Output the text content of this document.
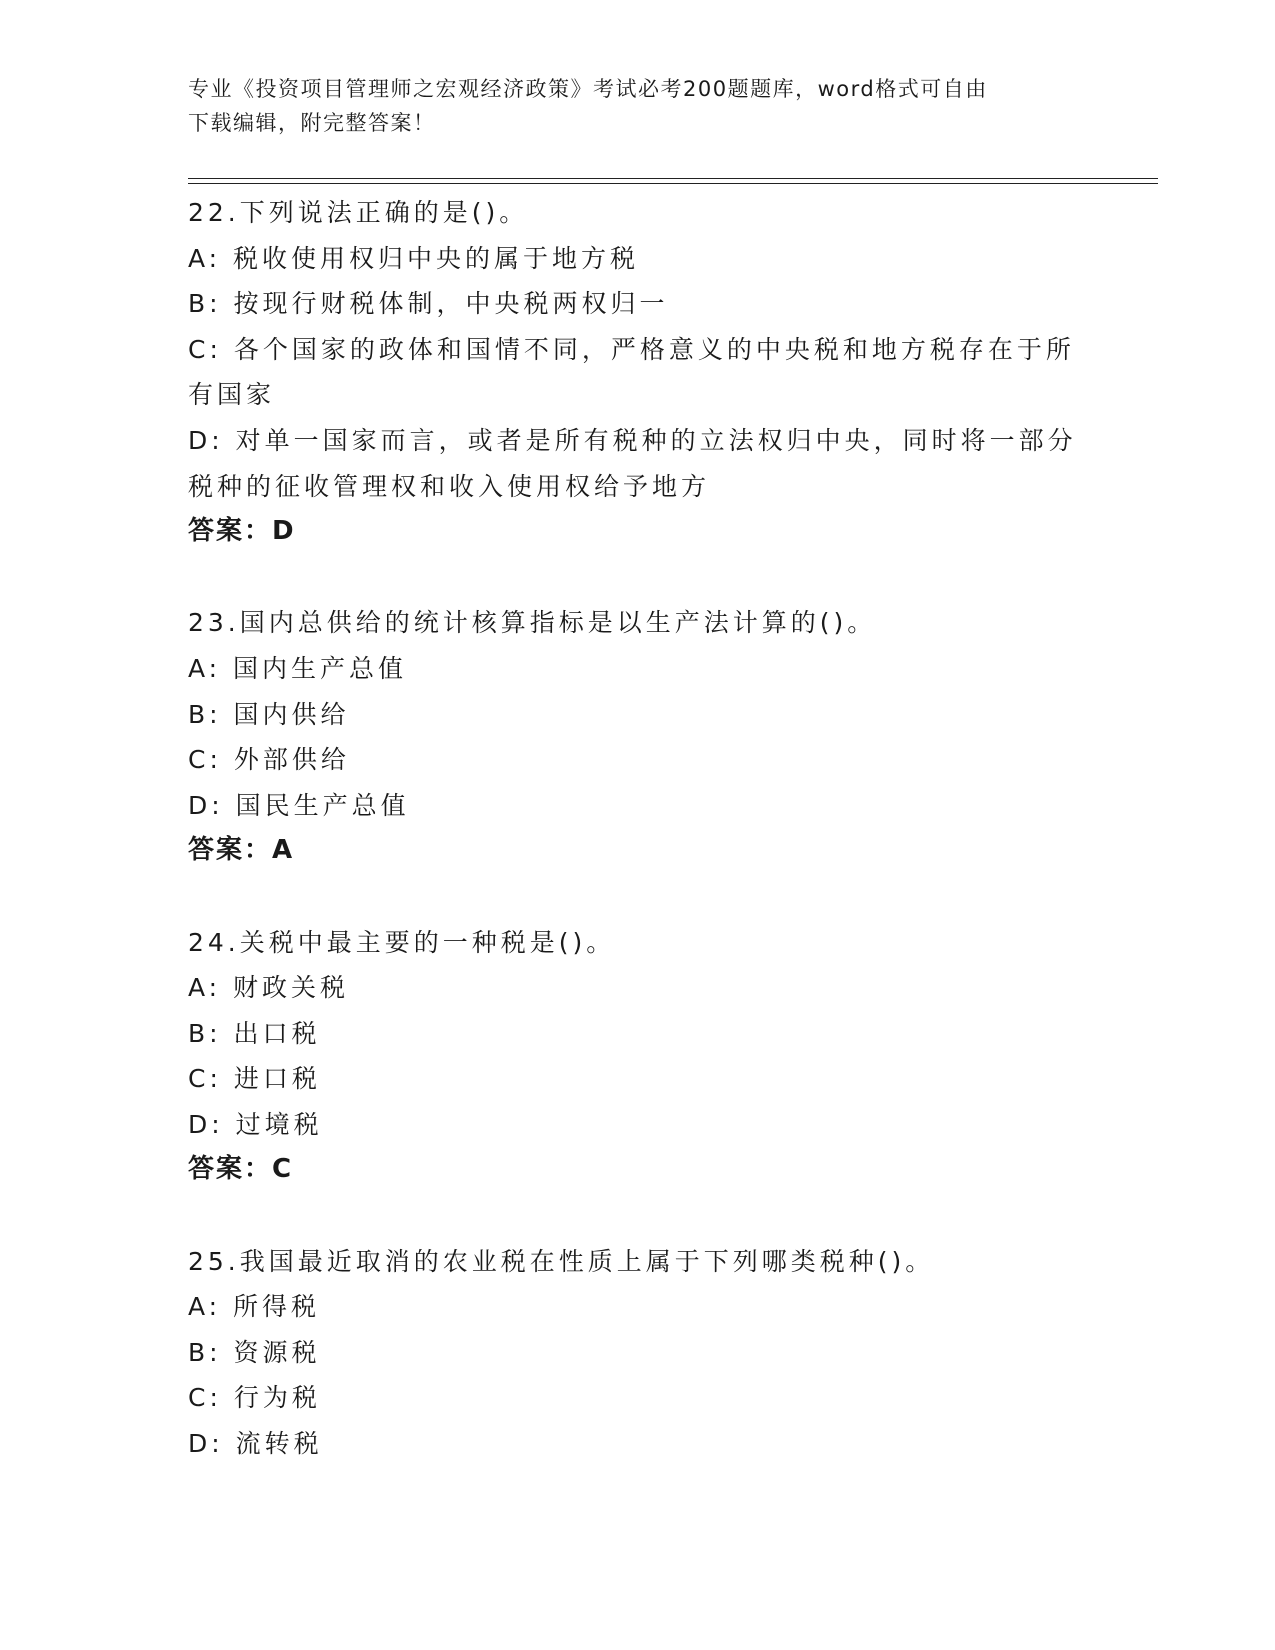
专业《投资项目管理师之宏观经济政策》考试必考200题题库，word格式可自由
下载编辑，附完整答案！
22.下列说法正确的是()。
A: 税收使用权归中央的属于地方税
B: 按现行财税体制，中央税两权归一
C: 各个国家的政体和国情不同，严格意义的中央税和地方税存在于所
有国家
D: 对单一国家而言，或者是所有税种的立法权归中央，同时将一部分
税种的征收管理权和收入使用权给予地方
答案：D
23.国内总供给的统计核算指标是以生产法计算的()。
A: 国内生产总值
B: 国内供给
C: 外部供给
D: 国民生产总值
答案：A
24.关税中最主要的一种税是()。
A: 财政关税
B: 出口税
C: 进口税
D: 过境税
答案：C
25.我国最近取消的农业税在性质上属于下列哪类税种()。
A: 所得税
B: 资源税
C: 行为税
D: 流转税
